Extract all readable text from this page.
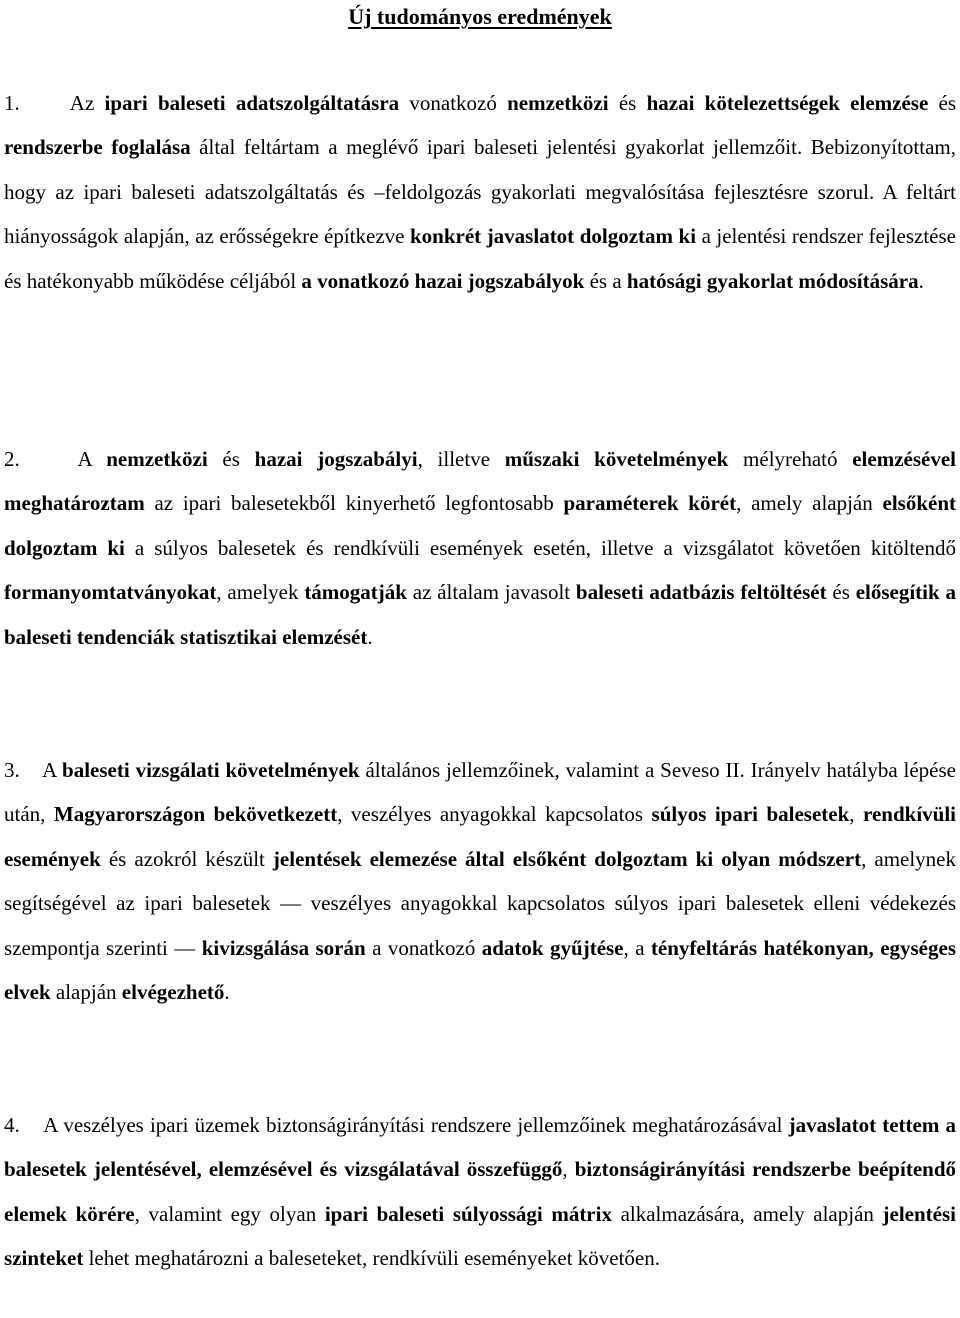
Új tudományos eredmények

1.     Az ipari baleseti adatszolgáltatásra vonatkozó nemzetközi és hazai kötelezettségek elemzése és rendszerbe foglalása által feltártam a meglévő ipari baleseti jelentési gyakorlat jellemzőit. Bebizonyítottam, hogy az ipari baleseti adatszolgáltatás és –feldolgozás gyakorlati megvalósítása fejlesztésre szorul. A feltárt hiányosságok alapján, az erősségekre építkezve konkrét javaslatot dolgoztam ki a jelentési rendszer fejlesztése és hatékonyabb működése céljából a vonatkozó hazai jogszabályok és a hatósági gyakorlat módosítására.

2.    A nemzetközi és hazai jogszabályi, illetve műszaki követelmények mélyreható elemzésével meghatároztam az ipari balesetekből kinyerhető legfontosabb paraméterek körét, amely alapján elsőként dolgoztam ki a súlyos balesetek és rendkívüli események esetén, illetve a vizsgálatot követően kitöltendő formanyomtatványokat, amelyek támogatják az általam javasolt baleseti adatbázis feltöltését és elősegítik a baleseti tendenciák statisztikai elemzését.

3.    A baleseti vizsgálati követelmények általános jellemzőinek, valamint a Seveso II. Irányelv hatályba lépése után, Magyarországon bekövetkezett, veszélyes anyagokkal kapcsolatos súlyos ipari balesetek, rendkívüli események és azokról készült jelentések elemezése által elsőként dolgoztam ki olyan módszert, amelynek segítségével az ipari balesetek — veszélyes anyagokkal kapcsolatos súlyos ipari balesetek elleni védekezés szempontja szerinti — kivizsgálása során a vonatkozó adatok gyűjtése, a tényfeltárás hatékonyan, egységes elvek alapján elvégezhető.

4.    A veszélyes ipari üzemek biztonságirányítási rendszere jellemzőinek meghatározásával javaslatot tettem a balesetek jelentésével, elemzésével és vizsgálatával összefüggő, biztonságirányítási rendszerbe beépítendő elemek körére, valamint egy olyan ipari baleseti súlyossági mátrix alkalmazására, amely alapján jelentési szinteket lehet meghatározni a baleseteket, rendkívüli eseményeket követően.
